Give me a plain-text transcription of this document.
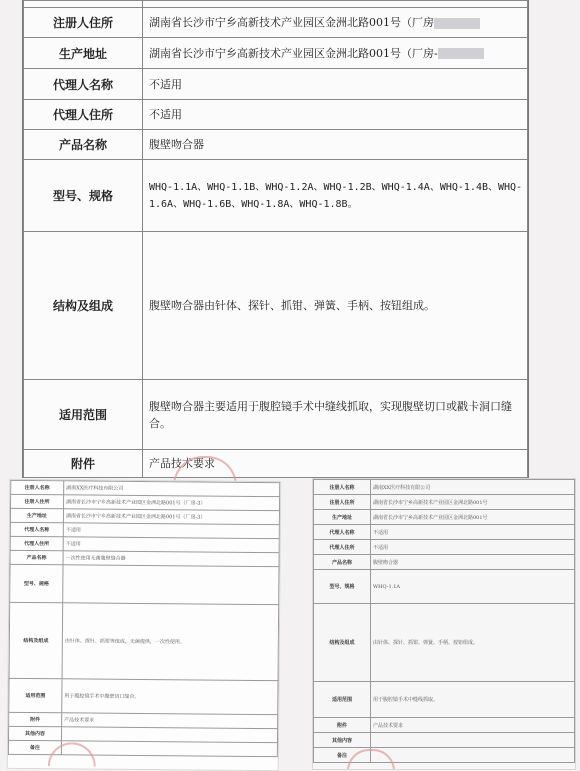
注册人住所	湖南省长沙市宁乡高新技术产业园区金洲北路001号（厂房
生产地址	湖南省长沙市宁乡高新技术产业园区金洲北路001号（厂房-
代理人名称	不适用
代理人住所	不适用
产品名称	腹壁吻合器
型号、规格	WHQ-1.1A、WHQ-1.1B、WHQ-1.2A、WHQ-1.2B、WHQ-1.4A、WHQ-1.4B、WHQ-1.6A、WHQ-1.6B、WHQ-1.8A、WHQ-1.8B。
结构及组成	腹壁吻合器由针体、探针、抓钳、弹簧、手柄、按钮组成。
适用范围	腹壁吻合器主要适用于腹腔镜手术中缝线抓取，实现腹壁切口或戳卡洞口缝合。
附件	产品技术要求
注册人名称	湖南XX医疗科技有限公司
注册人住所	湖南省长沙市宁乡高新技术产业园区金洲北路001号（厂房-3）
生产地址	湖南省长沙市宁乡高新技术产业园区金洲北路001号（厂房-3）
代理人名称	不适用
代理人住所	不适用
产品名称	一次性使用无菌腹壁缝合器
型号、规格	
结构及组成	由针体、探针、抓钳等组成，无菌提供，一次性使用。
适用范围	用于腹腔镜手术中腹壁切口缝合。
附件	产品技术要求
其他内容	
备注	
注册人名称	湖南XX医疗科技有限公司
注册人住所	湖南省长沙市宁乡高新技术产业园区金洲北路001号
生产地址	湖南省长沙市宁乡高新技术产业园区金洲北路001号
代理人名称	不适用
代理人住所	不适用
产品名称	腹壁吻合器
型号、规格	WHQ-1.1A
结构及组成	由针体、探针、抓钳、弹簧、手柄、按钮组成。
适用范围	用于腹腔镜手术中缝线抓取。
附件	产品技术要求
其他内容	
备注	
